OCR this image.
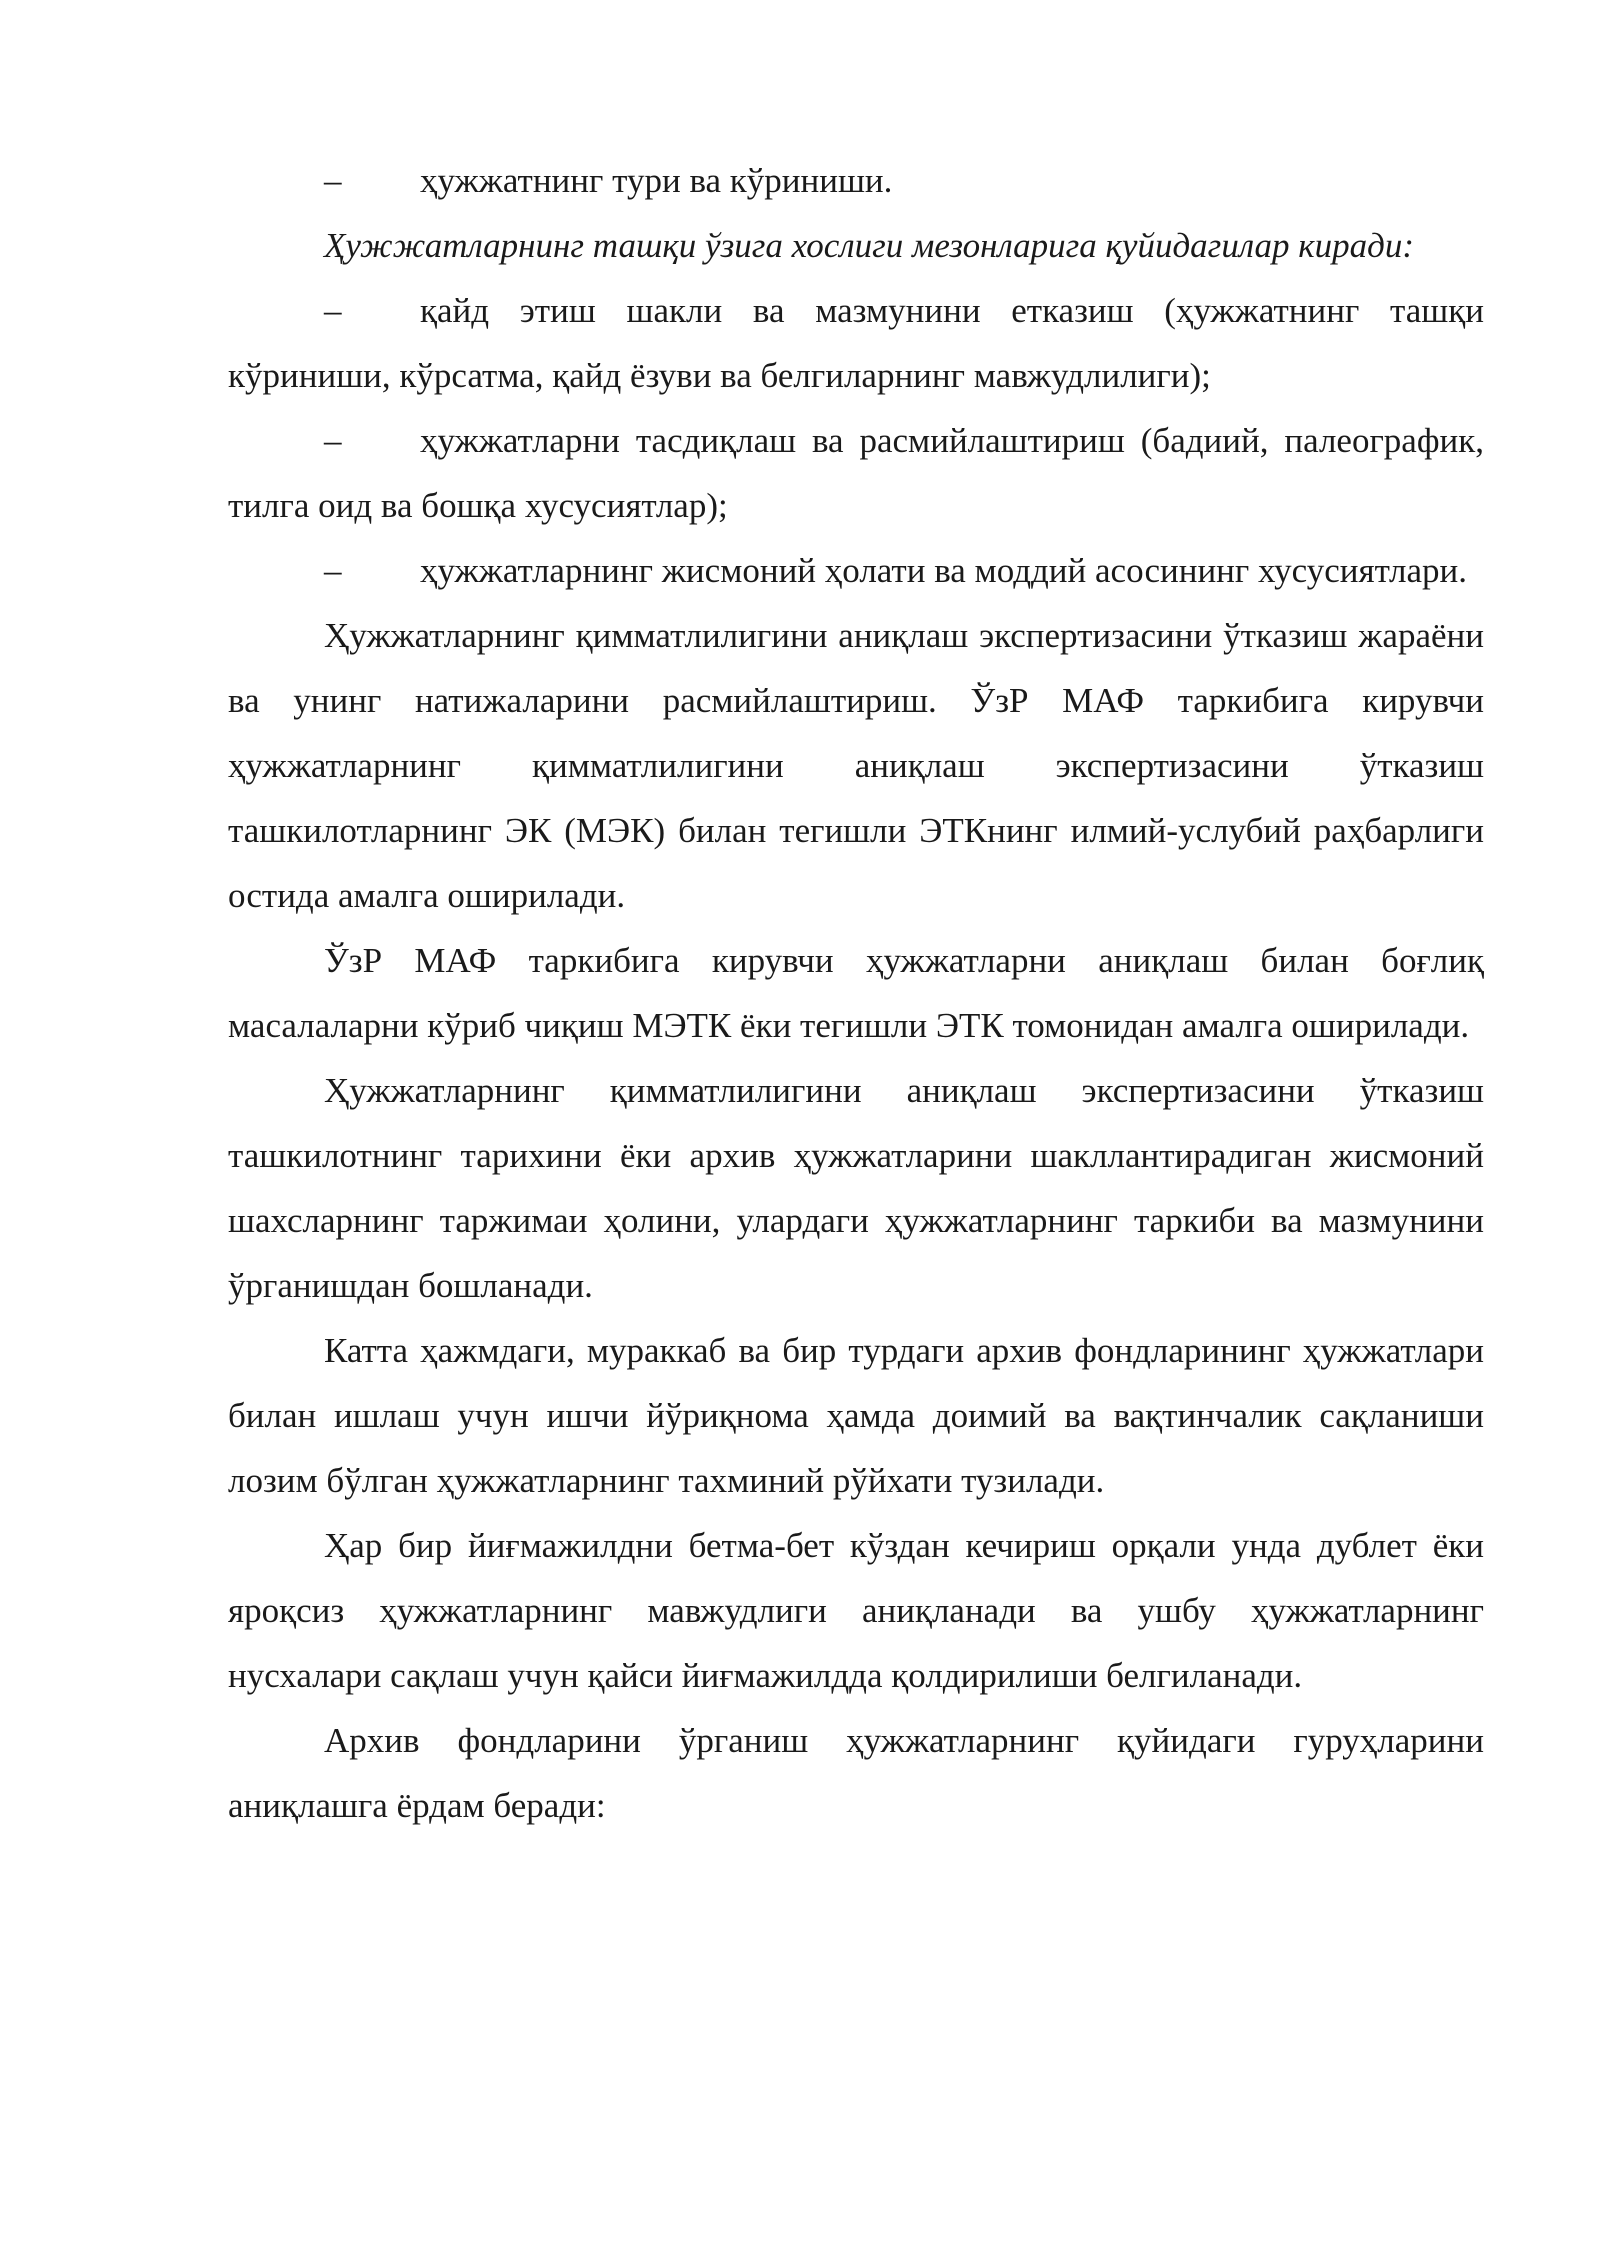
– ҳужжатнинг тури ва кўриниши.

Ҳужжатларнинг ташқи ўзига хослиги мезонларига қуйидагилар киради:

– қайд этиш шакли ва мазмунини етказиш (ҳужжатнинг ташқи кўриниши, кўрсатма, қайд ёзуви ва белгиларнинг мавжудлилиги);

– ҳужжатларни тасдиқлаш ва расмийлаштириш (бадиий, палеографик, тилга оид ва бошқа хусусиятлар);

– ҳужжатларнинг жисмоний ҳолати ва моддий асосининг хусусиятлари.

Ҳужжатларнинг қимматлилигини аниқлаш экспертизасини ўтказиш жараёни ва унинг натижаларини расмийлаштириш. ЎзР МАФ таркибига кирувчи ҳужжатларнинг қимматлилигини аниқлаш экспертизасини ўтказиш ташкилотларнинг ЭК (МЭК) билан тегишли ЭТКнинг илмий-услубий раҳбарлиги остида амалга оширилади.

ЎзР МАФ таркибига кирувчи ҳужжатларни аниқлаш билан боғлиқ масалаларни кўриб чиқиш МЭТК ёки тегишли ЭТК томонидан амалга оширилади.

Ҳужжатларнинг қимматлилигини аниқлаш экспертизасини ўтказиш ташкилотнинг тарихини ёки архив ҳужжатларини шакллантирадиган жисмоний шахсларнинг таржимаи ҳолини, улардаги ҳужжатларнинг таркиби ва мазмунини ўрганишдан бошланади.

Катта ҳажмдаги, мураккаб ва бир турдаги архив фондларининг ҳужжатлари билан ишлаш учун ишчи йўриқнома ҳамда доимий ва вақтинчалик сақланиши лозим бўлган ҳужжатларнинг тахминий рўйхати тузилади.

Ҳар бир йиғмажилдни бетма-бет кўздан кечириш орқали унда дублет ёки яроқсиз ҳужжатларнинг мавжудлиги аниқланади ва ушбу ҳужжатларнинг нусхалари сақлаш учун қайси йиғмажилдда қолдирилиши белгиланади.

Архив фондларини ўрганиш ҳужжатларнинг қуйидаги гуруҳларини аниқлашга ёрдам беради:
